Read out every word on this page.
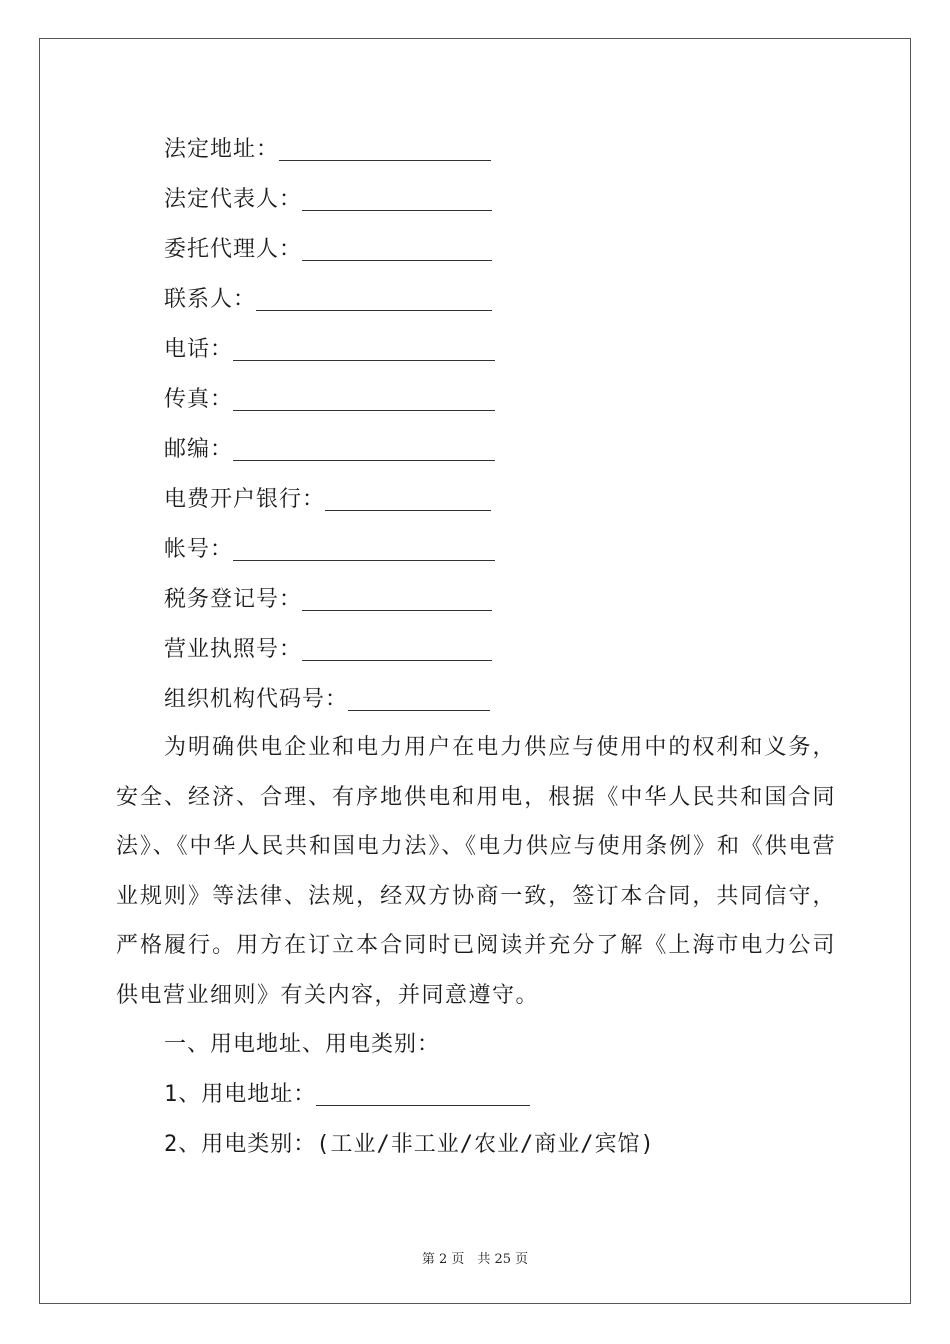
法定地址：
法定代表人：
委托代理人：
联系人：
电话：
传真：
邮编：
电费开户银行：
帐号：
税务登记号：
营业执照号：
组织机构代码号：

为明确供电企业和电力用户在电力供应与使用中的权利和义务，安全、经济、合理、有序地供电和用电，根据《中华人民共和国合同法》、《中华人民共和国电力法》、《电力供应与使用条例》和《供电营业规则》等法律、法规，经双方协商一致，签订本合同，共同信守，严格履行。用方在订立本合同时已阅读并充分了解《上海市电力公司供电营业细则》有关内容，并同意遵守。

一、用电地址、用电类别：
1、用电地址：
2、用电类别：(工业/非工业/农业/商业/宾馆)
第 2 页　共 25 页
